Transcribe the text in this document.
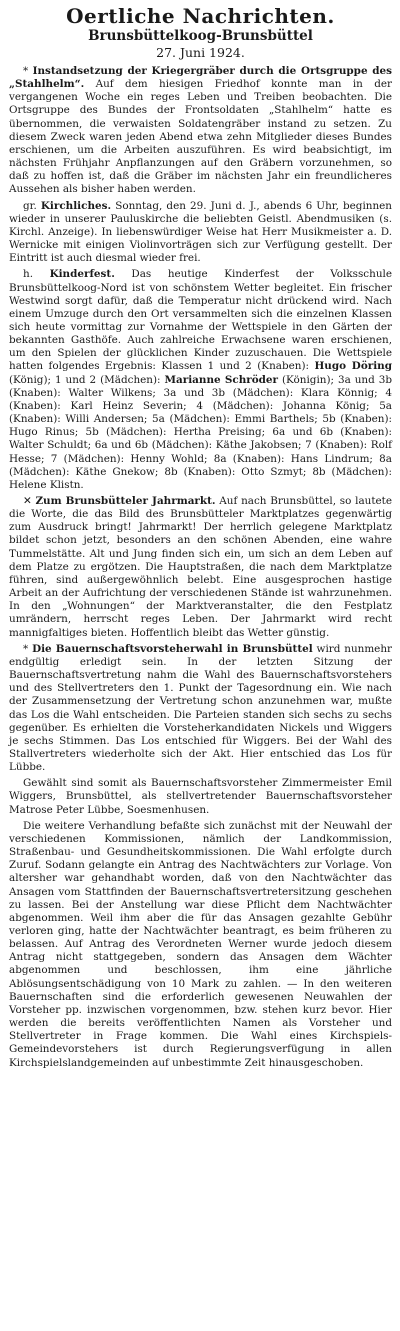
Oertliche Nachrichten.
Brunsbüttelkoog-Brunsbüttel
27. Juni 1924.

* Instandsetzung der Kriegergräber durch die Ortsgruppe des „Stahlhelm“. Auf dem hiesigen Friedhof konnte man in der vergangenen Woche ein reges Leben und Treiben beobachten. Die Ortsgruppe des Bundes der Frontsoldaten „Stahlhelm“ hatte es übernommen, die verwaisten Soldatengräber instand zu setzen. Zu diesem Zweck waren jeden Abend etwa zehn Mitglieder dieses Bundes erschienen, um die Arbeiten auszuführen. Es wird beabsichtigt, im nächsten Frühjahr Anpflanzungen auf den Gräbern vorzunehmen, so daß zu hoffen ist, daß die Gräber im nächsten Jahr ein freundlicheres Aussehen als bisher haben werden.

gr. Kirchliches. Sonntag, den 29. Juni d. J., abends 6 Uhr, beginnen wieder in unserer Pauluskirche die beliebten Geistl. Abendmusiken (s. Kirchl. Anzeige). In liebenswürdiger Weise hat Herr Musikmeister a. D. Wernicke mit einigen Violinvorträgen sich zur Verfügung gestellt. Der Eintritt ist auch diesmal wieder frei.

h. Kinderfest. Das heutige Kinderfest der Volksschule Brunsbüttelkoog-Nord ist von schönstem Wetter begleitet. Ein frischer Westwind sorgt dafür, daß die Temperatur nicht drückend wird. Nach einem Umzuge durch den Ort versammelten sich die einzelnen Klassen sich heute vormittag zur Vornahme der Wettspiele in den Gärten der bekannten Gasthöfe. Auch zahlreiche Erwachsene waren erschienen, um den Spielen der glücklichen Kinder zuzuschauen. Die Wettspiele hatten folgendes Ergebnis: Klassen 1 und 2 (Knaben): Hugo Döring (König); 1 und 2 (Mädchen): Marianne Schröder (Königin); 3a und 3b (Knaben): Walter Wilkens; 3a und 3b (Mädchen): Klara Könnig; 4 (Knaben): Karl Heinz Severin; 4 (Mädchen): Johanna König; 5a (Knaben): Willi Andersen; 5a (Mädchen): Emmi Barthels; 5b (Knaben): Hugo Rinus; 5b (Mädchen): Hertha Preising; 6a und 6b (Knaben): Walter Schuldt; 6a und 6b (Mädchen): Käthe Jakobsen; 7 (Knaben): Rolf Hesse; 7 (Mädchen): Henny Wohld; 8a (Knaben): Hans Lindrum; 8a (Mädchen): Käthe Gnekow; 8b (Knaben): Otto Szmyt; 8b (Mädchen): Helene Klistn.

✕ Zum Brunsbütteler Jahrmarkt. Auf nach Brunsbüttel, so lautete die Worte, die das Bild des Brunsbütteler Marktplatzes gegenwärtig zum Ausdruck bringt! Jahrmarkt! Der herrlich gelegene Marktplatz bildet schon jetzt, besonders an den schönen Abenden, eine wahre Tummelstätte. Alt und Jung finden sich ein, um sich an dem Leben auf dem Platze zu ergötzen. Die Hauptstraßen, die nach dem Marktplatze führen, sind außergewöhnlich belebt. Eine ausgesprochen hastige Arbeit an der Aufrichtung der verschiedenen Stände ist wahrzunehmen. In den „Wohnungen“ der Marktveranstalter, die den Festplatz umrändern, herrscht reges Leben. Der Jahrmarkt wird recht mannigfaltiges bieten. Hoffentlich bleibt das Wetter günstig.

* Die Bauernschaftsvorsteherwahl in Brunsbüttel wird nunmehr endgültig erledigt sein. In der letzten Sitzung der Bauernschaftsvertretung nahm die Wahl des Bauernschaftsvorstehers und des Stellvertreters den 1. Punkt der Tagesordnung ein. Wie nach der Zusammensetzung der Vertretung schon anzunehmen war, mußte das Los die Wahl entscheiden. Die Parteien standen sich sechs zu sechs gegenüber. Es erhielten die Vorsteherkandidaten Nickels und Wiggers je sechs Stimmen. Das Los entschied für Wiggers. Bei der Wahl des Stallvertreters wiederholte sich der Akt. Hier entschied das Los für Lübbe.

Gewählt sind somit als Bauernschaftsvorsteher Zimmermeister Emil Wiggers, Brunsbüttel, als stellvertretender Bauernschaftsvorsteher Matrose Peter Lübbe, Soesmenhusen.

Die weitere Verhandlung befaßte sich zunächst mit der Neuwahl der verschiedenen Kommissionen, nämlich der Landkommission, Straßenbau- und Gesundheitskommissionen. Die Wahl erfolgte durch Zuruf. Sodann gelangte ein Antrag des Nachtwächters zur Vorlage. Von altersher war gehandhabt worden, daß von den Nachtwächter das Ansagen vom Stattfinden der Bauernschaftsvertretersitzung geschehen zu lassen. Bei der Anstellung war diese Pflicht dem Nachtwächter abgenommen. Weil ihm aber die für das Ansagen gezahlte Gebühr verloren ging, hatte der Nachtwächter beantragt, es beim früheren zu belassen. Auf Antrag des Verordneten Werner wurde jedoch diesem Antrag nicht stattgegeben, sondern das Ansagen dem Wächter abgenommen und beschlossen, ihm eine jährliche Ablösungsentschädigung von 10 Mark zu zahlen. — In den weiteren Bauernschaften sind die erforderlich gewesenen Neuwahlen der Vorsteher pp. inzwischen vorgenommen, bzw. stehen kurz bevor. Hier werden die bereits veröffentlichten Namen als Vorsteher und Stellvertreter in Frage kommen. Die Wahl eines Kirchspiels-Gemeindevorstehers ist durch Regierungsverfügung in allen Kirchspielslandgemeinden auf unbestimmte Zeit hinausgeschoben.
